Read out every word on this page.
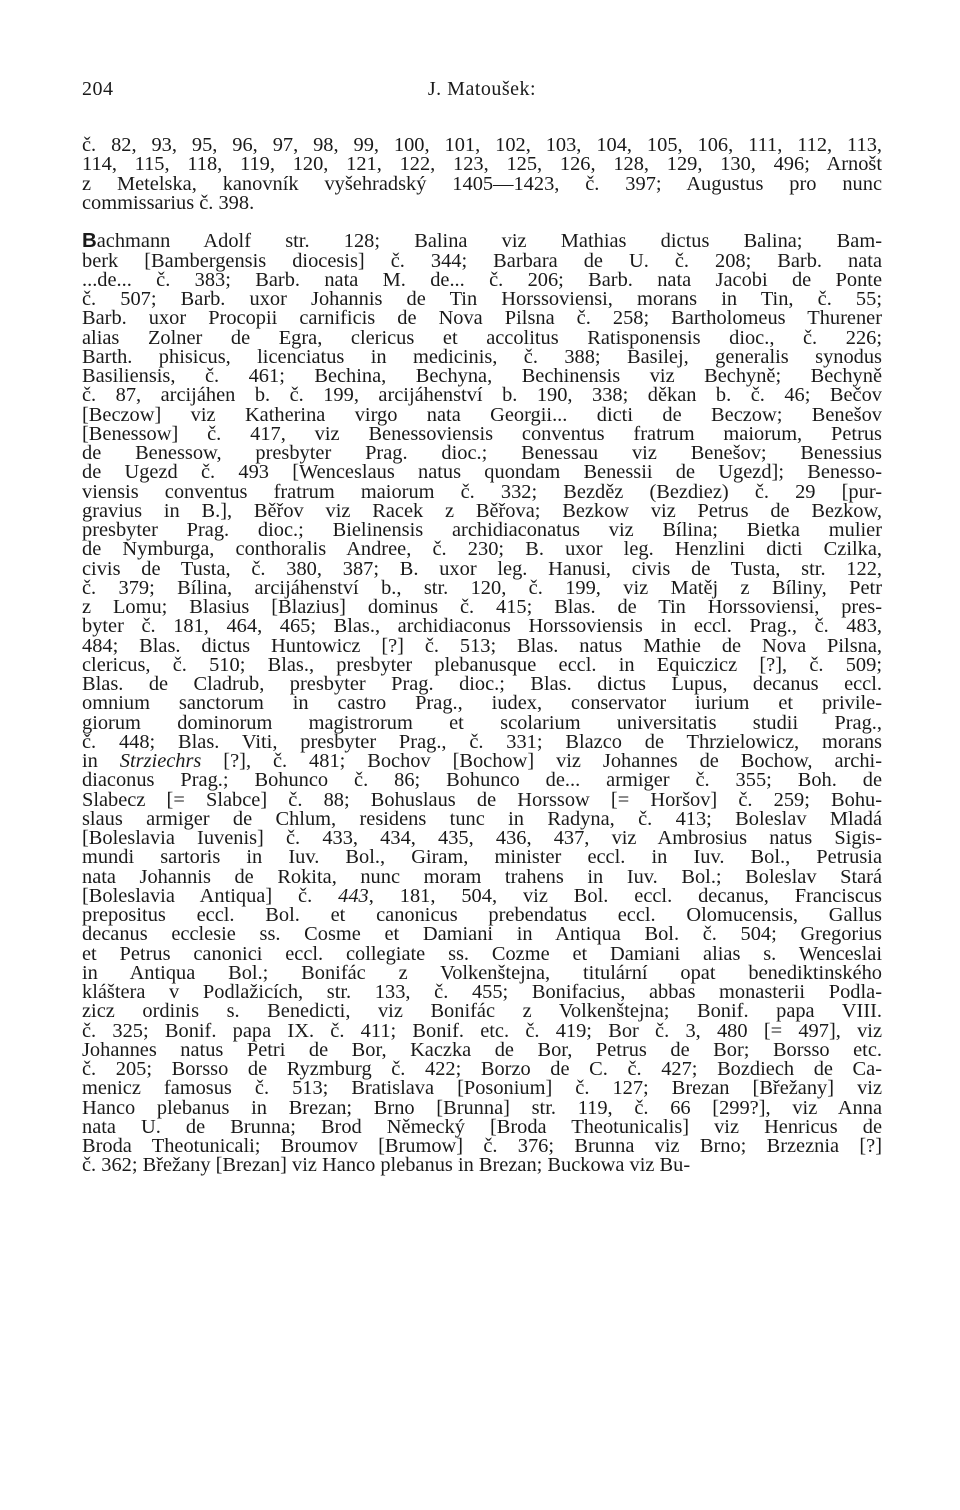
204	J. Matoušek:
č. 82, 93, 95, 96, 97, 98, 99, 100, 101, 102, 103, 104, 105, 106, 111, 112, 113,
114, 115, 118, 119, 120, 121, 122, 123, 125, 126, 128, 129, 130, 496; Arnošt
z Metelska, kanovník vyšehradský 1405—1423, č. 397; Augustus pro nunc
commissarius č. 398.
Bachmann Adolf str. 128; Balina viz Mathias dictus Balina; Bam-
berk [Bambergensis diocesis] č. 344; Barbara de U. č. 208; Barb. nata
...de... č. 383; Barb. nata M. de... č. 206; Barb. nata Jacobi de Ponte
č. 507; Barb. uxor Johannis de Tin Horssoviensi, morans in Tin, č. 55;
Barb. uxor Procopii carnificis de Nova Pilsna č. 258; Bartholomeus Thurener
alias Zolner de Egra, clericus et accolitus Ratisponensis dioc., č. 226;
Barth. phisicus, licenciatus in medicinis, č. 388; Basilej, generalis synodus
Basiliensis, č. 461; Bechina, Bechyna, Bechinensis viz Bechyně; Bechyně
č. 87, arcijáhen b. č. 199, arcijáhenství b. 190, 338; děkan b. č. 46; Bečov
[Beczow] viz Katherina virgo nata Georgii... dicti de Beczow; Benešov
[Benessow] č. 417, viz Benessoviensis conventus fratrum maiorum, Petrus
de Benessow, presbyter Prag. dioc.; Benessau viz Benešov; Benessius
de Ugezd č. 493 [Wenceslaus natus quondam Benessii de Ugezd]; Benesso-
viensis conventus fratrum maiorum č. 332; Bezděz (Bezdiez) č. 29 [pur-
gravius in B.], Běřov viz Racek z Běřova; Bezkow viz Petrus de Bezkow,
presbyter Prag. dioc.; Bielinensis archidiaconatus viz Bílina; Bietka mulier
de Nymburga, conthoralis Andree, č. 230; B. uxor leg. Henzlini dicti Czilka,
civis de Tusta, č. 380, 387; B. uxor leg. Hanusi, civis de Tusta, str. 122,
č. 379; Bílina, arcijáhenství b., str. 120, č. 199, viz Matěj z Bíliny, Petr
z Lomu; Blasius [Blazius] dominus č. 415; Blas. de Tin Horssoviensi, pres-
byter č. 181, 464, 465; Blas., archidiaconus Horssoviensis in eccl. Prag., č. 483,
484; Blas. dictus Huntowicz [?] č. 513; Blas. natus Mathie de Nova Pilsna,
clericus, č. 510; Blas., presbyter plebanusque eccl. in Equiczicz [?], č. 509;
Blas. de Cladrub, presbyter Prag. dioc.; Blas. dictus Lupus, decanus eccl.
omnium sanctorum in castro Prag., iudex, conservator iurium et privile-
giorum dominorum magistrorum et scolarium universitatis studii Prag.,
č. 448; Blas. Viti, presbyter Prag., č. 331; Blazco de Thrzielowicz, morans
in Strziechrs [?], č. 481; Bochov [Bochow] viz Johannes de Bochow, archi-
diaconus Prag.; Bohunco č. 86; Bohunco de... armiger č. 355; Boh. de
Slabecz [= Slabce] č. 88; Bohuslaus de Horssow [= Horšov] č. 259; Bohu-
slaus armiger de Chlum, residens tunc in Radyna, č. 413; Boleslav Mladá
[Boleslavia Iuvenis] č. 433, 434, 435, 436, 437, viz Ambrosius natus Sigis-
mundi sartoris in Iuv. Bol., Giram, minister eccl. in Iuv. Bol., Petrusia
nata Johannis de Rokita, nunc moram trahens in Iuv. Bol.; Boleslav Stará
[Boleslavia Antiqua] č. 443, 181, 504, viz Bol. eccl. decanus, Franciscus
prepositus eccl. Bol. et canonicus prebendatus eccl. Olomucensis, Gallus
decanus ecclesie ss. Cosme et Damiani in Antiqua Bol. č. 504; Gregorius
et Petrus canonici eccl. collegiate ss. Cozme et Damiani alias s. Wenceslai
in Antiqua Bol.; Bonifác z Volkenštejna, titulární opat benediktinského
kláštera v Podlažicích, str. 133, č. 455; Bonifacius, abbas monasterii Podla-
zicz ordinis s. Benedicti, viz Bonifác z Volkenštejna; Bonif. papa VIII.
č. 325; Bonif. papa IX. č. 411; Bonif. etc. č. 419; Bor č. 3, 480 [= 497], viz
Johannes natus Petri de Bor, Kaczka de Bor, Petrus de Bor; Borsso etc.
č. 205; Borsso de Ryzmburg č. 422; Borzo de C. č. 427; Bozdiech de Ca-
menicz famosus č. 513; Bratislava [Posonium] č. 127; Brezan [Břežany] viz
Hanco plebanus in Brezan; Brno [Brunna] str. 119, č. 66 [299?], viz Anna
nata U. de Brunna; Brod Německý [Broda Theotunicalis] viz Henricus de
Broda Theotunicali; Broumov [Brumow] č. 376; Brunna viz Brno; Brzeznia [?]
č. 362; Břežany [Brezan] viz Hanco plebanus in Brezan; Buckowa viz Bu-
